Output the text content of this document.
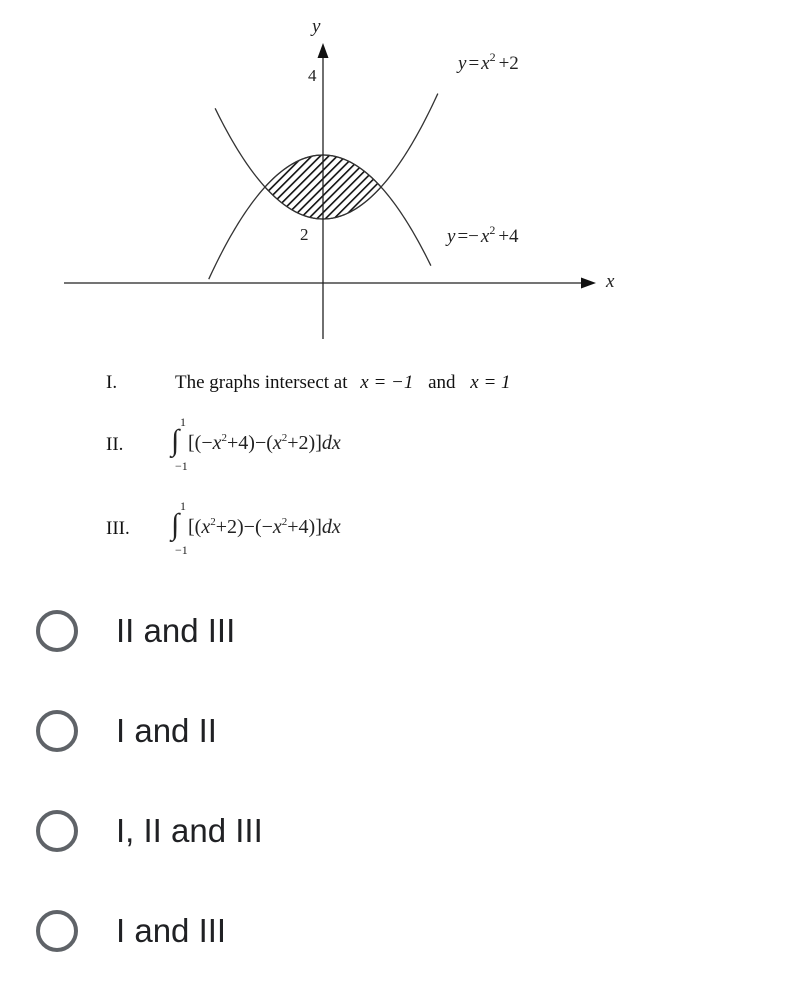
y
x
4
2
$y = x^2 +2$
$y =- x^2 +4$
I.	The graphs intersect at x = −1 and x = 1
II.
1
∫
−1
$[(-x^2+4)-(x^2+2)]dx$
III.
1
∫
−1
$[(x^2+2)-(-x^2+4)]dx$
II and III
I and II
I, II and III
I and III
